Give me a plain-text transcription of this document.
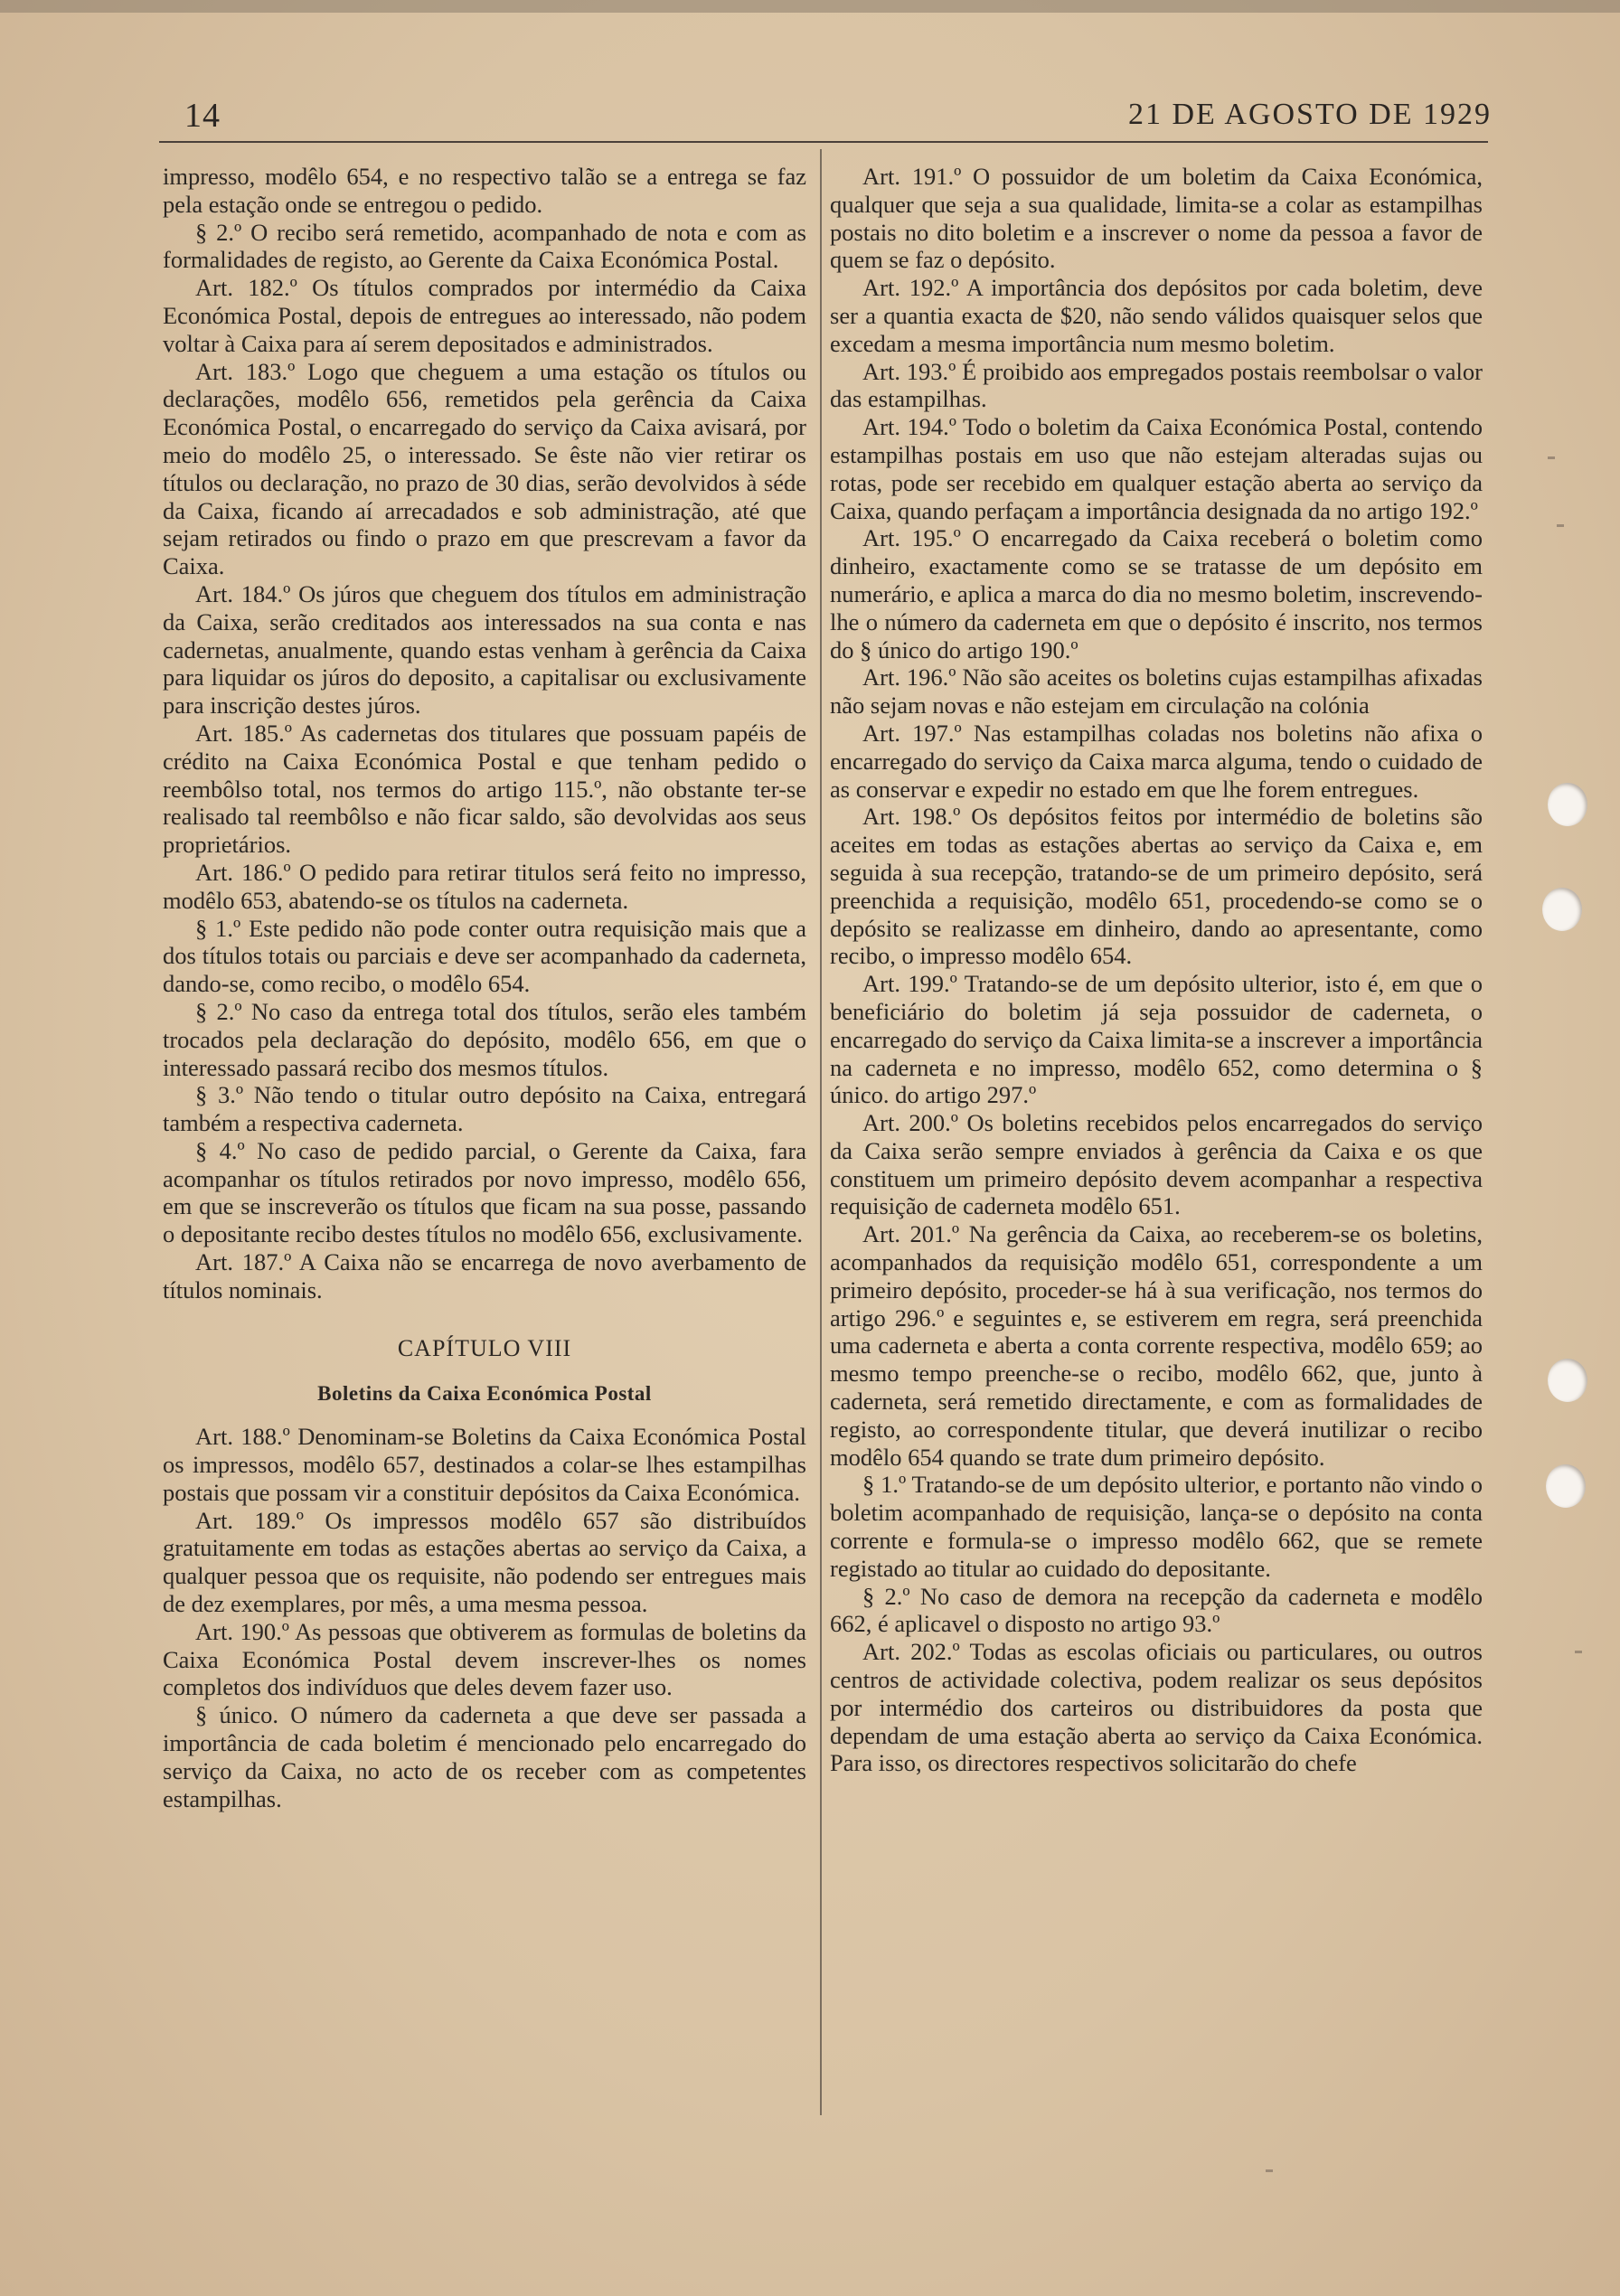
14	21 DE AGOSTO DE 1929

impresso, modêlo 654, e no respectivo talão se a entrega se faz pela estação onde se entregou o pedido.

§ 2.º O recibo será remetido, acompanhado de nota e com as formalidades de registo, ao Gerente da Caixa Económica Postal.

Art. 182.º Os títulos comprados por intermédio da Caixa Económica Postal, depois de entregues ao interessado, não podem voltar à Caixa para aí serem depositados e administrados.

Art. 183.º Logo que cheguem a uma estação os títulos ou declarações, modêlo 656, remetidos pela gerência da Caixa Económica Postal, o encarregado do serviço da Caixa avisará, por meio do modêlo 25, o interessado. Se êste não vier retirar os títulos ou declaração, no prazo de 30 dias, serão devolvidos à séde da Caixa, ficando aí arrecadados e sob administração, até que sejam retirados ou findo o prazo em que prescrevam a favor da Caixa.

Art. 184.º Os júros que cheguem dos títulos em administração da Caixa, serão creditados aos interessados na sua conta e nas cadernetas, anualmente, quando estas venham à gerência da Caixa para liquidar os júros do deposito, a capitalisar ou exclusivamente para inscrição destes júros.

Art. 185.º As cadernetas dos titulares que possuam papéis de crédito na Caixa Económica Postal e que tenham pedido o reembôlso total, nos termos do artigo 115.º, não obstante ter-se realisado tal reembôlso e não ficar saldo, são devolvidas aos seus proprietários.

Art. 186.º O pedido para retirar titulos será feito no impresso, modêlo 653, abatendo-se os títulos na caderneta.

§ 1.º Este pedido não pode conter outra requisição mais que a dos títulos totais ou parciais e deve ser acompanhado da caderneta, dando-se, como recibo, o modêlo 654.

§ 2.º No caso da entrega total dos títulos, serão eles também trocados pela declaração do depósito, modêlo 656, em que o interessado passará recibo dos mesmos títulos.

§ 3.º Não tendo o titular outro depósito na Caixa, entregará também a respectiva caderneta.

§ 4.º No caso de pedido parcial, o Gerente da Caixa, fara acompanhar os títulos retirados por novo impresso, modêlo 656, em que se inscreverão os títulos que ficam na sua posse, passando o depositante recibo destes títulos no modêlo 656, exclusivamente.

Art. 187.º A Caixa não se encarrega de novo averbamento de títulos nominais.

CAPÍTULO VIII
Boletins da Caixa Económica Postal

Art. 188.º Denominam-se Boletins da Caixa Económica Postal os impressos, modêlo 657, destinados a colar-se lhes estampilhas postais que possam vir a constituir depósitos da Caixa Económica.

Art. 189.º Os impressos modêlo 657 são distribuídos gratuitamente em todas as estações abertas ao serviço da Caixa, a qualquer pessoa que os requisite, não podendo ser entregues mais de dez exemplares, por mês, a uma mesma pessoa.

Art. 190.º As pessoas que obtiverem as formulas de boletins da Caixa Económica Postal devem inscrever-lhes os nomes completos dos indivíduos que deles devem fazer uso.

§ único. O número da caderneta a que deve ser passada a importância de cada boletim é mencionado pelo encarregado do serviço da Caixa, no acto de os receber com as competentes estampilhas.

Art. 191.º O possuidor de um boletim da Caixa Económica, qualquer que seja a sua qualidade, limita-se a colar as estampilhas postais no dito boletim e a inscrever o nome da pessoa a favor de quem se faz o depósito.

Art. 192.º A importância dos depósitos por cada boletim, deve ser a quantia exacta de $20, não sendo válidos quaisquer selos que excedam a mesma importância num mesmo boletim.

Art. 193.º É proibido aos empregados postais reembolsar o valor das estampilhas.

Art. 194.º Todo o boletim da Caixa Económica Postal, contendo estampilhas postais em uso que não estejam alteradas sujas ou rotas, pode ser recebido em qualquer estação aberta ao serviço da Caixa, quando perfaçam a importância designada da no artigo 192.º

Art. 195.º O encarregado da Caixa receberá o boletim como dinheiro, exactamente como se se tratasse de um depósito em numerário, e aplica a marca do dia no mesmo boletim, inscrevendo-lhe o número da caderneta em que o depósito é inscrito, nos termos do § único do artigo 190.º

Art. 196.º Não são aceites os boletins cujas estampilhas afixadas não sejam novas e não estejam em circulação na colónia

Art. 197.º Nas estampilhas coladas nos boletins não afixa o encarregado do serviço da Caixa marca alguma, tendo o cuidado de as conservar e expedir no estado em que lhe forem entregues.

Art. 198.º Os depósitos feitos por intermédio de boletins são aceites em todas as estações abertas ao serviço da Caixa e, em seguida à sua recepção, tratando-se de um primeiro depósito, será preenchida a requisição, modêlo 651, procedendo-se como se o depósito se realizasse em dinheiro, dando ao apresentante, como recibo, o impresso modêlo 654.

Art. 199.º Tratando-se de um depósito ulterior, isto é, em que o beneficiário do boletim já seja possuidor de caderneta, o encarregado do serviço da Caixa limita-se a inscrever a importância na caderneta e no impresso, modêlo 652, como determina o § único. do artigo 297.º

Art. 200.º Os boletins recebidos pelos encarregados do serviço da Caixa serão sempre enviados à gerência da Caixa e os que constituem um primeiro depósito devem acompanhar a respectiva requisição de caderneta modêlo 651.

Art. 201.º Na gerência da Caixa, ao receberem-se os boletins, acompanhados da requisição modêlo 651, correspondente a um primeiro depósito, proceder-se há à sua verificação, nos termos do artigo 296.º e seguintes e, se estiverem em regra, será preenchida uma caderneta e aberta a conta corrente respectiva, modêlo 659; ao mesmo tempo preenche-se o recibo, modêlo 662, que, junto à caderneta, será remetido directamente, e com as formalidades de registo, ao correspondente titular, que deverá inutilizar o recibo modêlo 654 quando se trate dum primeiro depósito.

§ 1.º Tratando-se de um depósito ulterior, e portanto não vindo o boletim acompanhado de requisição, lança-se o depósito na conta corrente e formula-se o impresso modêlo 662, que se remete registado ao titular ao cuidado do depositante.

§ 2.º No caso de demora na recepção da caderneta e modêlo 662, é aplicavel o disposto no artigo 93.º

Art. 202.º Todas as escolas oficiais ou particulares, ou outros centros de actividade colectiva, podem realizar os seus depósitos por intermédio dos carteiros ou distribuidores da posta que dependam de uma estação aberta ao serviço da Caixa Económica. Para isso, os directores respectivos solicitarão do chefe
